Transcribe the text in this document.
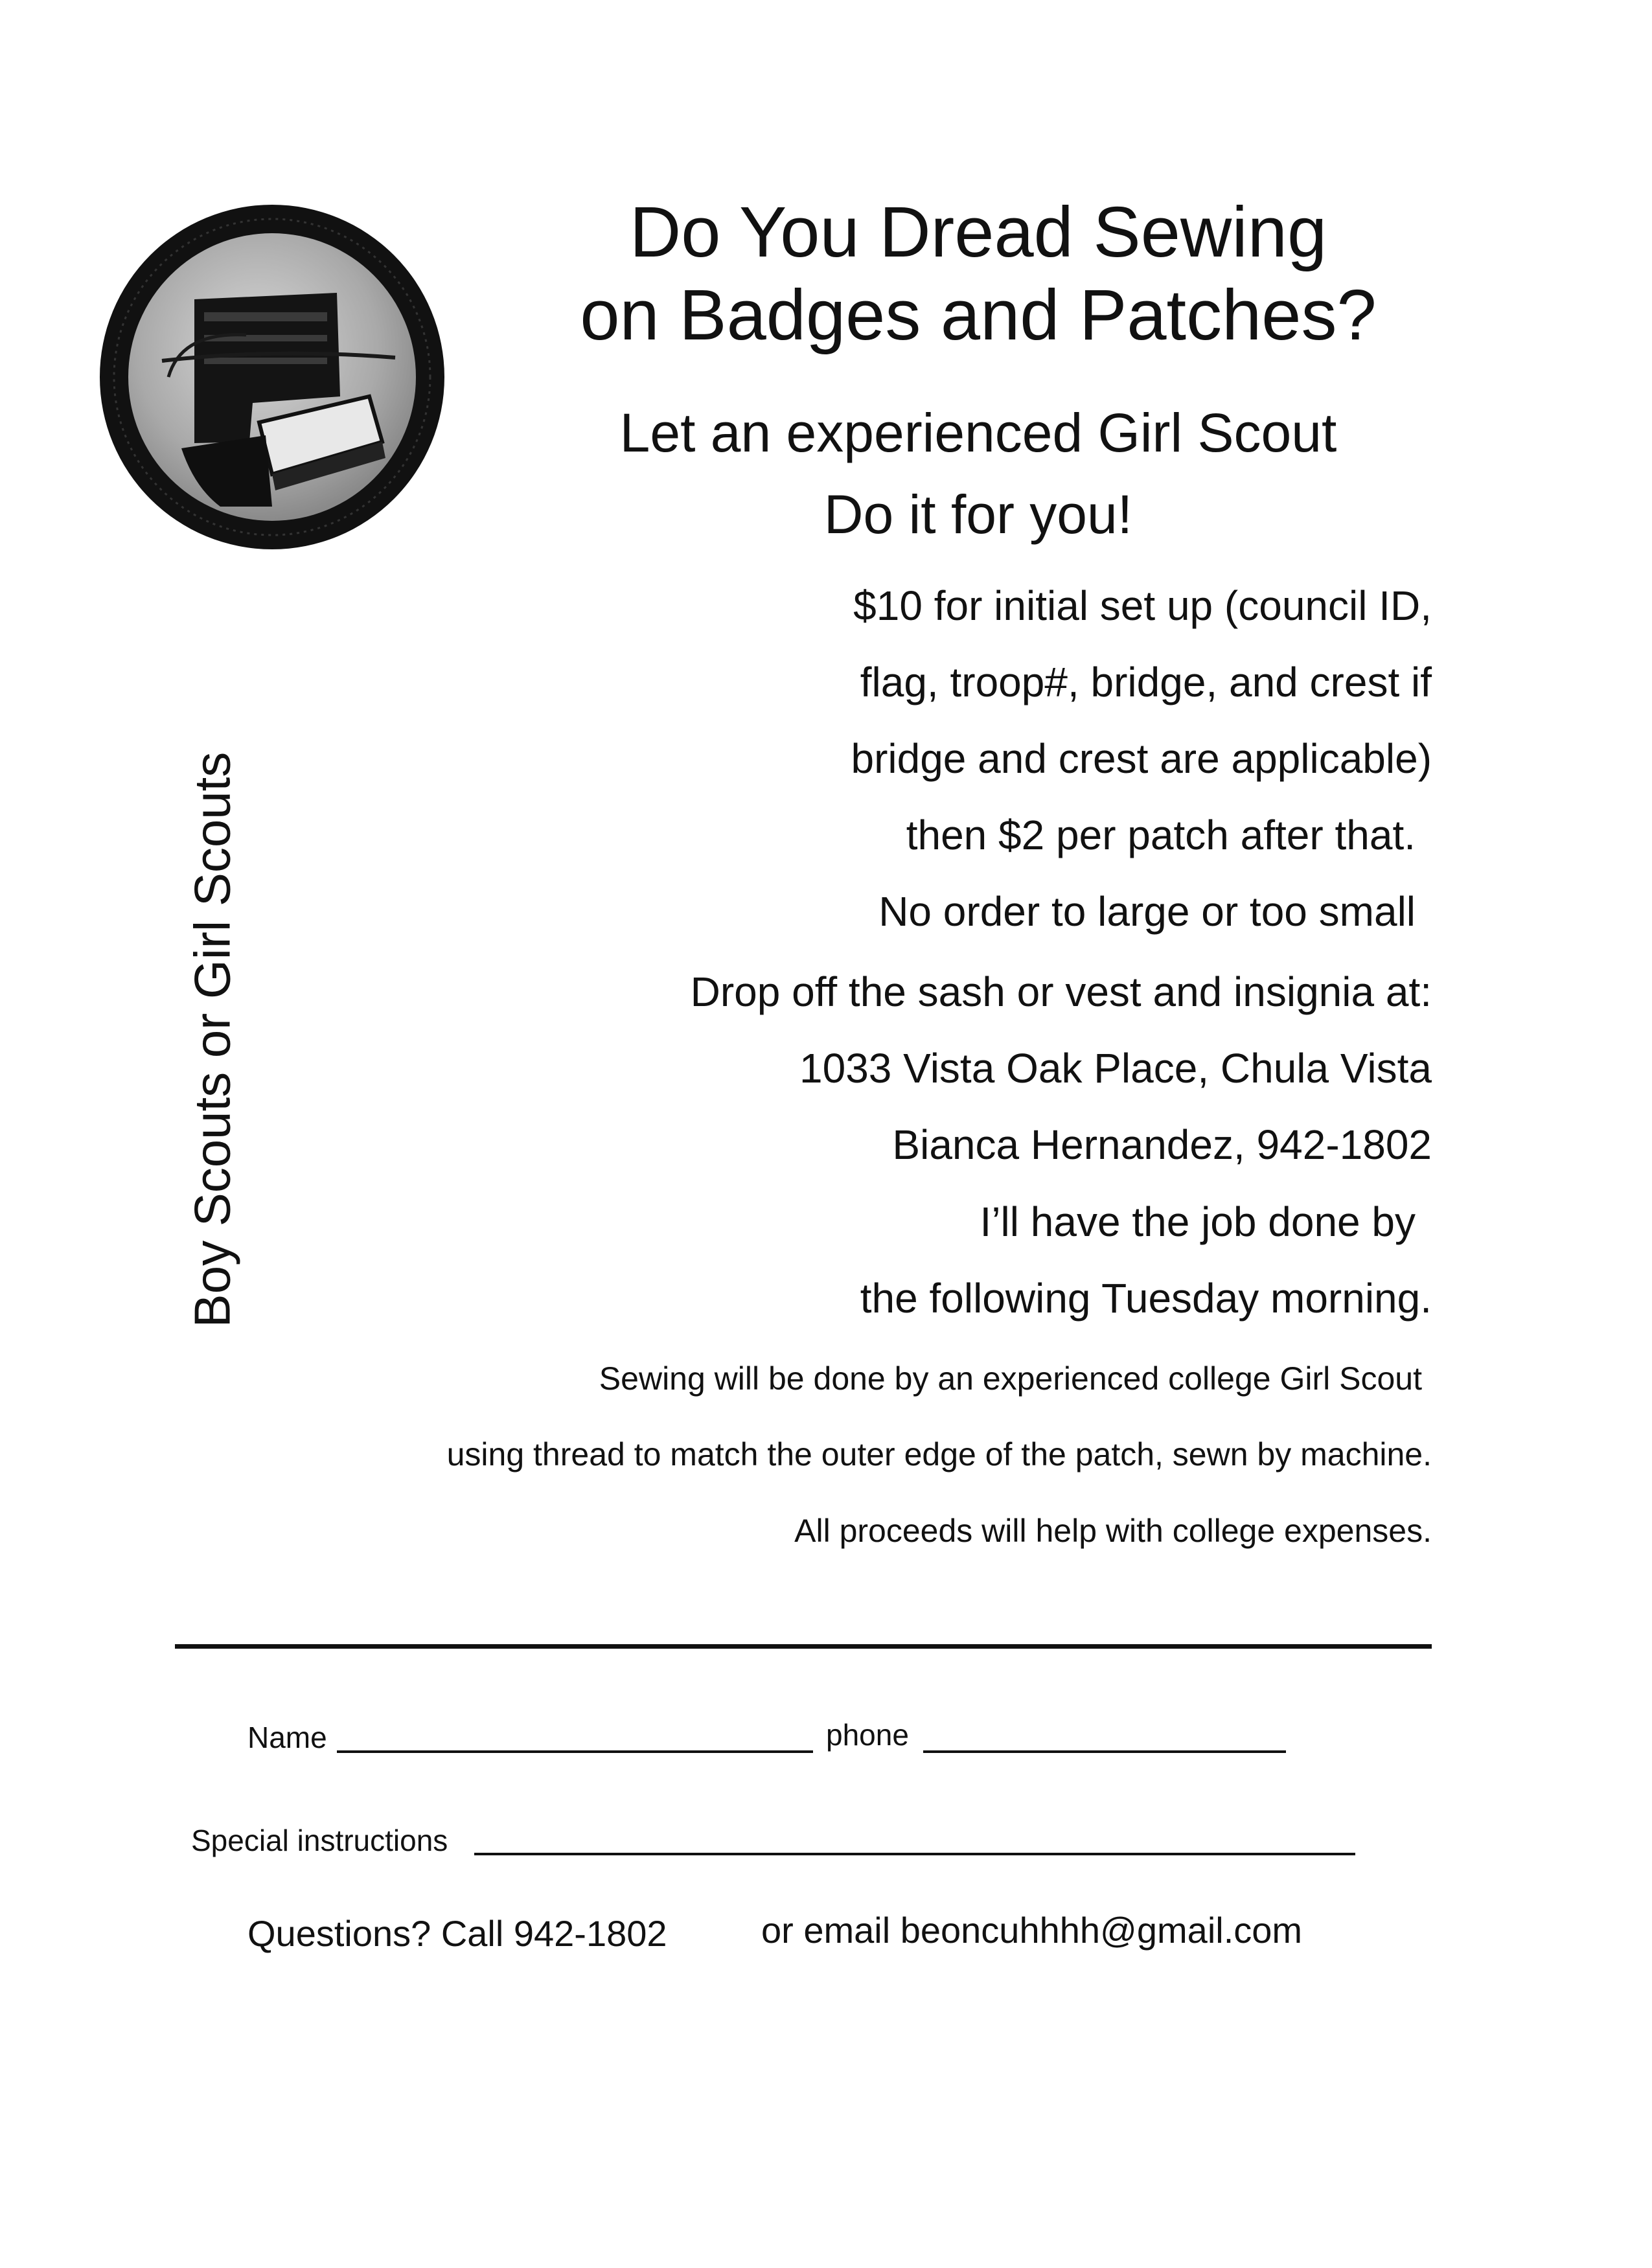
Do You Dread Sewing
on Badges and Patches?
Let an experienced Girl Scout
Do it for you!
Boy Scouts or Girl Scouts
$10 for initial set up (council ID,
flag, troop#, bridge, and crest if
bridge and crest are applicable)
then $2 per patch after that.
No order to large or too small
Drop off the sash or vest and insignia at:
1033 Vista Oak Place, Chula Vista
Bianca Hernandez, 942-1802
I’ll have the job done by
the following Tuesday morning.
Sewing will be done by an experienced college Girl Scout
using thread to match the outer edge of the patch, sewn by machine.
All proceeds will help with college expenses.
Name	phone
Special instructions
Questions? Call 942-1802	or email beoncuhhhh@gmail.com
